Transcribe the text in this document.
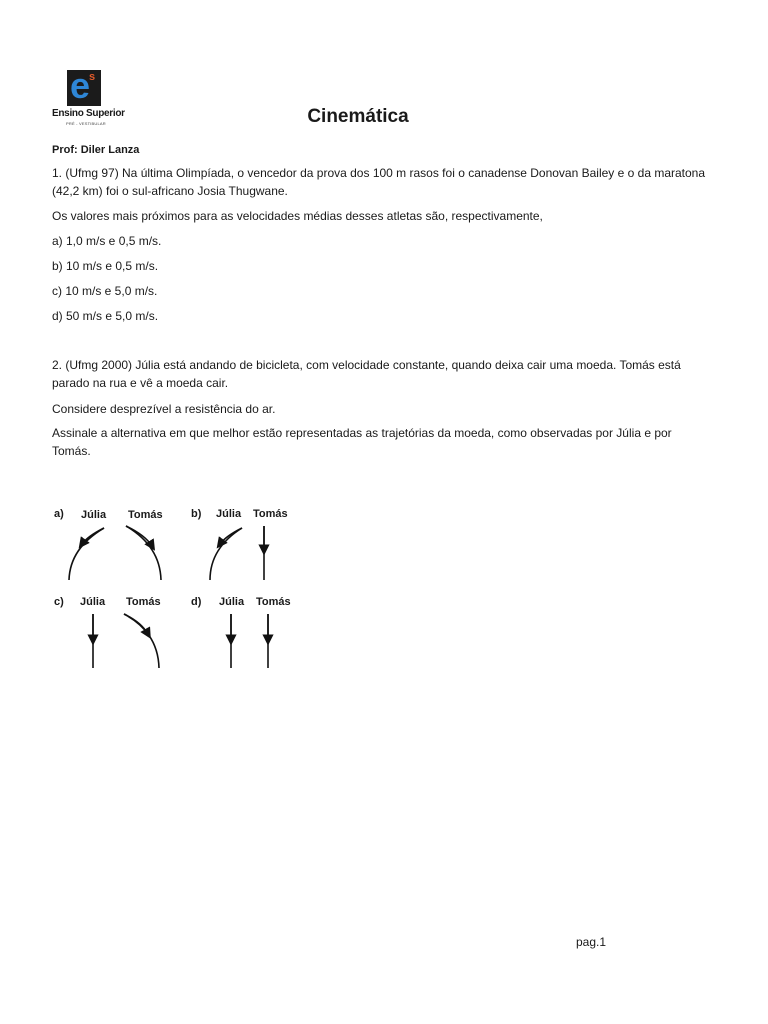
e
s
Ensino Superior
PRÉ - VESTIBULAR	Cinemática
Prof: Diler Lanza

1. (Ufmg 97) Na última Olimpíada, o vencedor da prova dos 100 m rasos foi o canadense Donovan Bailey e o da maratona (42,2 km) foi o sul-africano Josia Thugwane.

Os valores mais próximos para as velocidades médias desses atletas são, respectivamente,

a) 1,0 m/s e 0,5 m/s.

b) 10 m/s e 0,5 m/s.

c) 10 m/s e 5,0 m/s.

d) 50 m/s e 5,0 m/s.

2. (Ufmg 2000) Júlia está andando de bicicleta, com velocidade constante, quando deixa cair uma moeda. Tomás está parado na rua e vê a moeda cair.

Considere desprezível a resistência do ar.

Assinale a alternativa em que melhor estão representadas as trajetórias da moeda, como observadas por Júlia e por Tomás.

a) Júlia Tomás	b) Júlia Tomás
c) Júlia Tomás	d) Júlia Tomás
pag.1
